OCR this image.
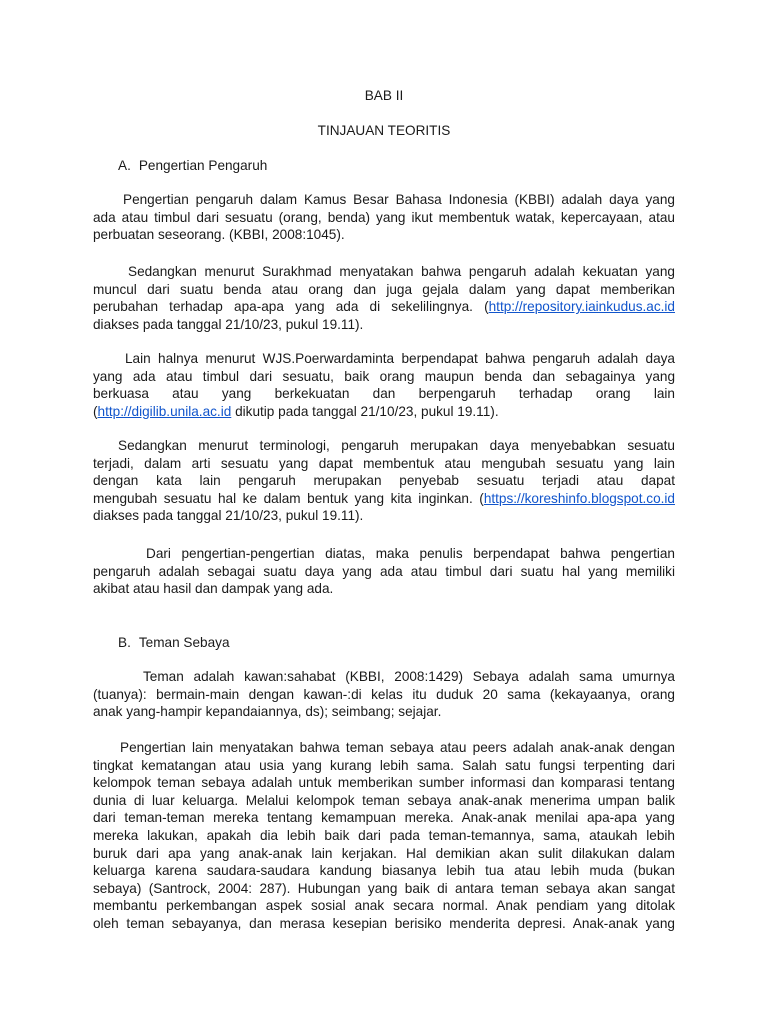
BAB II
TINJAUAN TEORITIS
A. Pengertian Pengaruh
Pengertian pengaruh dalam Kamus Besar Bahasa Indonesia (KBBI) adalah daya yang
ada atau timbul dari sesuatu (orang, benda) yang ikut membentuk watak, kepercayaan, atau
perbuatan seseorang. (KBBI, 2008:1045).
Sedangkan menurut Surakhmad menyatakan bahwa pengaruh adalah kekuatan yang
muncul dari suatu benda atau orang dan juga gejala dalam yang dapat memberikan
perubahan terhadap apa-apa yang ada di sekelilingnya. (http://repository.iainkudus.ac.id
diakses pada tanggal 21/10/23, pukul 19.11).
Lain halnya menurut WJS.Poerwardaminta berpendapat bahwa pengaruh adalah daya
yang ada atau timbul dari sesuatu, baik orang maupun benda dan sebagainya yang
berkuasa atau yang berkekuatan dan berpengaruh terhadap orang lain
(http://digilib.unila.ac.id dikutip pada tanggal 21/10/23, pukul 19.11).
Sedangkan menurut terminologi, pengaruh merupakan daya menyebabkan sesuatu
terjadi, dalam arti sesuatu yang dapat membentuk atau mengubah sesuatu yang lain
dengan kata lain pengaruh merupakan penyebab sesuatu terjadi atau dapat
mengubah sesuatu hal ke dalam bentuk yang kita inginkan. (https://koreshinfo.blogspot.co.id
diakses pada tanggal 21/10/23, pukul 19.11).
Dari pengertian-pengertian diatas, maka penulis berpendapat bahwa pengertian
pengaruh adalah sebagai suatu daya yang ada atau timbul dari suatu hal yang memiliki
akibat atau hasil dan dampak yang ada.
B. Teman Sebaya
Teman adalah kawan:sahabat (KBBI, 2008:1429) Sebaya adalah sama umurnya
(tuanya): bermain-main dengan kawan-:di kelas itu duduk 20 sama (kekayaanya, orang
anak yang-hampir kepandaiannya, ds); seimbang; sejajar.
Pengertian lain menyatakan bahwa teman sebaya atau peers adalah anak-anak dengan
tingkat kematangan atau usia yang kurang lebih sama. Salah satu fungsi terpenting dari
kelompok teman sebaya adalah untuk memberikan sumber informasi dan komparasi tentang
dunia di luar keluarga. Melalui kelompok teman sebaya anak-anak menerima umpan balik
dari teman-teman mereka tentang kemampuan mereka. Anak-anak menilai apa-apa yang
mereka lakukan, apakah dia lebih baik dari pada teman-temannya, sama, ataukah lebih
buruk dari apa yang anak-anak lain kerjakan. Hal demikian akan sulit dilakukan dalam
keluarga karena saudara-saudara kandung biasanya lebih tua atau lebih muda (bukan
sebaya) (Santrock, 2004: 287). Hubungan yang baik di antara teman sebaya akan sangat
membantu perkembangan aspek sosial anak secara normal. Anak pendiam yang ditolak
oleh teman sebayanya, dan merasa kesepian berisiko menderita depresi. Anak-anak yang
